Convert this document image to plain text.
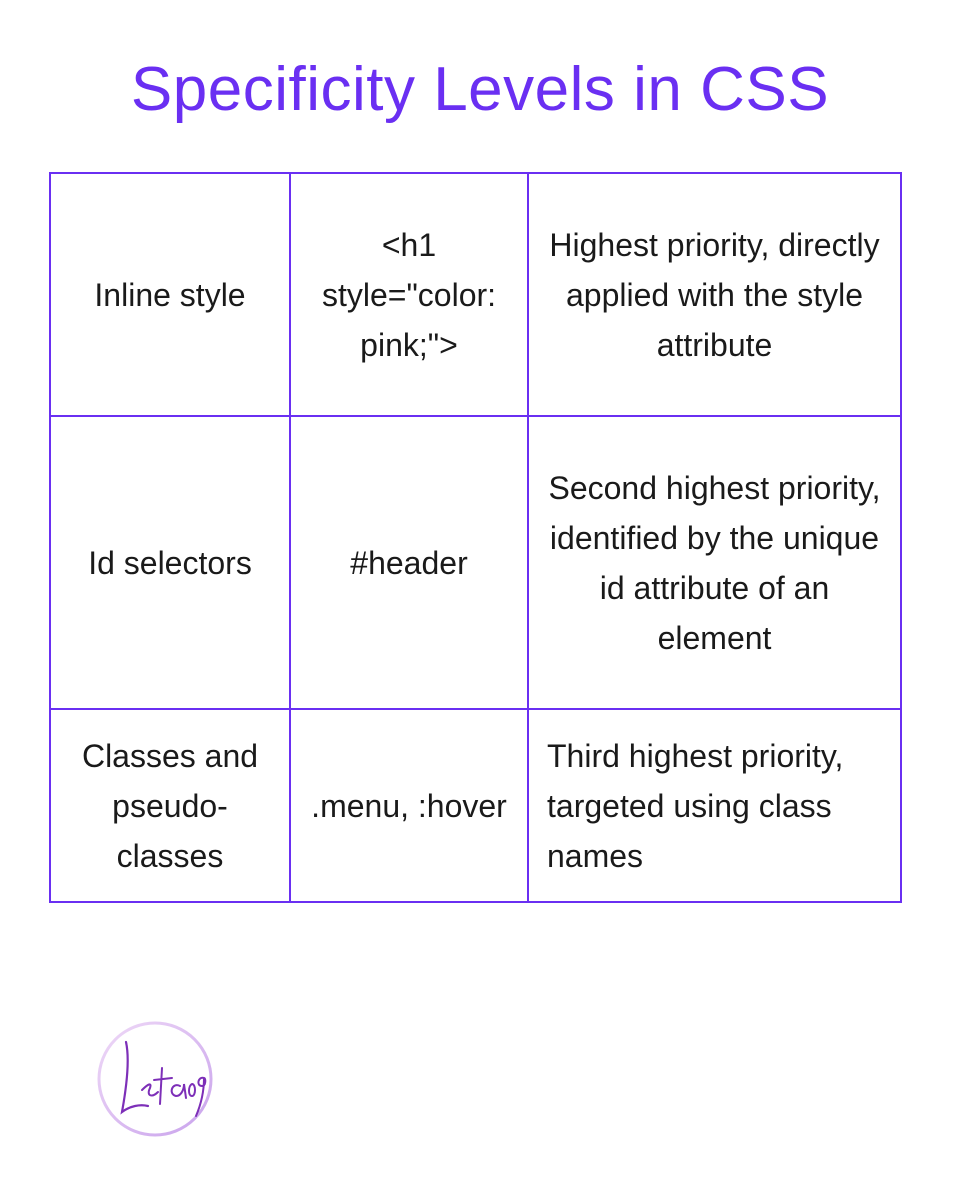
Specificity Levels in CSS
Inline style	<h1 style="color: pink;">	Highest priority, directly applied with the style attribute
Id selectors	#header	Second highest priority, identified by the unique id attribute of an element
Classes and pseudo-classes	.menu, :hover	Third highest priority, targeted using class names
